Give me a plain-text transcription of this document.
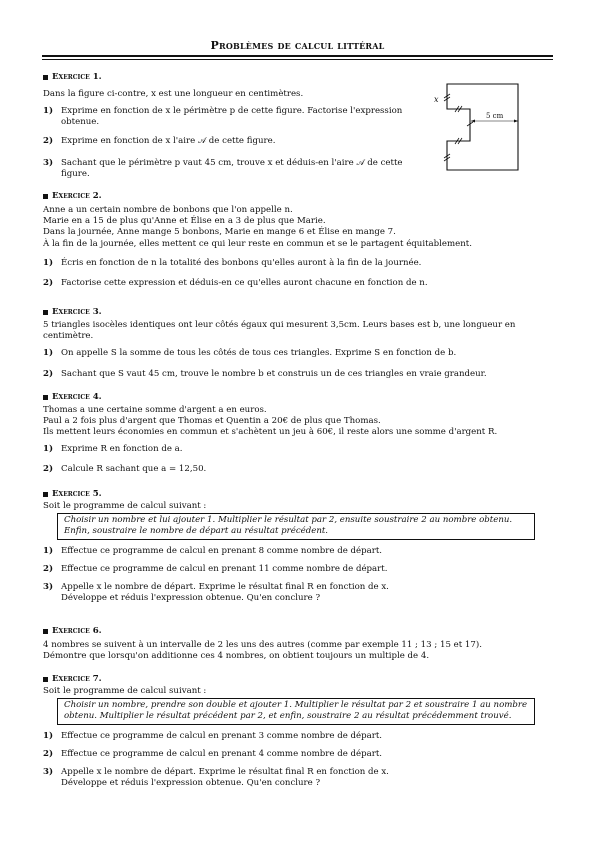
Problèmes de calcul littéral
Exercice 1.

Dans la figure ci-contre, x est une longueur en centimètres.

1) Exprime en fonction de x le périmètre p de cette figure. Factorise l'expression obtenue.
2) Exprime en fonction de x l'aire 𝒜 de cette figure.
3) Sachant que le périmètre p vaut 45 cm, trouve x et déduis-en l'aire 𝒜 de cette figure.
x
5 cm
Exercice 2.

Anne a un certain nombre de bonbons que l'on appelle n.

Marie en a 15 de plus qu'Anne et Élise en a 3 de plus que Marie.

Dans la journée, Anne mange 5 bonbons, Marie en mange 6 et Élise en mange 7.

À la fin de la journée, elles mettent ce qui leur reste en commun et se le partagent équitablement.

1) Écris en fonction de n la totalité des bonbons qu'elles auront à la fin de la journée.
2) Factorise cette expression et déduis-en ce qu'elles auront chacune en fonction de n.
Exercice 3.

5 triangles isocèles identiques ont leur côtés égaux qui mesurent 3,5cm. Leurs bases est b, une longueur en centimètre.

1) On appelle S la somme de tous les côtés de tous ces triangles. Exprime S en fonction de b.
2) Sachant que S vaut 45 cm, trouve le nombre b et construis un de ces triangles en vraie grandeur.
Exercice 4.

Thomas a une certaine somme d'argent a en euros.

Paul a 2 fois plus d'argent que Thomas et Quentin a 20€ de plus que Thomas.

Ils mettent leurs économies en commun et s'achètent un jeu à 60€, il reste alors une somme d'argent R.

1) Exprime R en fonction de a.
2) Calcule R sachant que a = 12,50.
Exercice 5.

Soit le programme de calcul suivant :

Choisir un nombre et lui ajouter 1. Multiplier le résultat par 2, ensuite soustraire 2 au nombre obtenu.
Enfin, soustraire le nombre de départ au résultat précédent.
1) Effectue ce programme de calcul en prenant 8 comme nombre de départ.
2) Effectue ce programme de calcul en prenant 11 comme nombre de départ.
3) Appelle x le nombre de départ. Exprime le résultat final R en fonction de x.
Développe et réduis l'expression obtenue. Qu'en conclure ?
Exercice 6.

4 nombres se suivent à un intervalle de 2 les uns des autres (comme par exemple 11 ; 13 ; 15 et 17).

Démontre que lorsqu'on additionne ces 4 nombres, on obtient toujours un multiple de 4.

Exercice 7.

Soit le programme de calcul suivant :

Choisir un nombre, prendre son double et ajouter 1. Multiplier le résultat par 2 et soustraire 1 au nombre
obtenu. Multiplier le résultat précédent par 2, et enfin, soustraire 2 au résultat précédemment trouvé.
1) Effectue ce programme de calcul en prenant 3 comme nombre de départ.
2) Effectue ce programme de calcul en prenant 4 comme nombre de départ.
3) Appelle x le nombre de départ. Exprime le résultat final R en fonction de x.
Développe et réduis l'expression obtenue. Qu'en conclure ?
